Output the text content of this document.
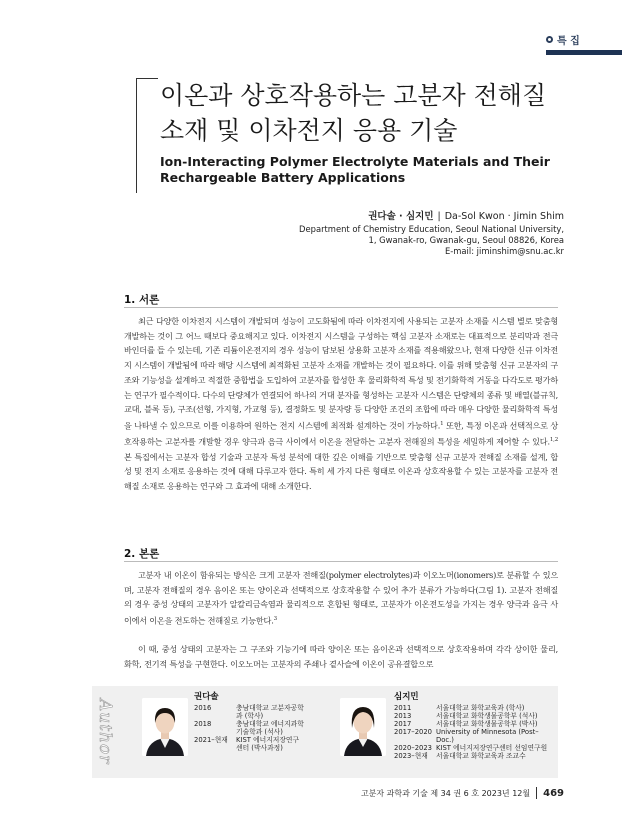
특 집
이온과 상호작용하는 고분자 전해질
소재 및 이차전지 응용 기술
Ion-Interacting Polymer Electrolyte Materials and Their
Rechargeable Battery Applications
권다솔 · 심지민 | Da-Sol Kwon · Jimin Shim
Department of Chemistry Education, Seoul National University,
1, Gwanak-ro, Gwanak-gu, Seoul 08826, Korea
E-mail: jiminshim@snu.ac.kr
1. 서론

최근 다양한 이차전지 시스템이 개발되며 성능이 고도화됨에 따라 이차전지에 사용되는 고분자 소재를 시스템 별로 맞춤형 개발하는 것이 그 어느 때보다 중요해지고 있다. 이차전지 시스템을 구성하는 핵심 고분자 소재로는 대표적으로 분리막과 전극 바인더를 들 수 있는데, 기존 리튬이온전지의 경우 성능이 담보된 상용화 고분자 소재를 적용해왔으나, 현재 다양한 신규 이차전지 시스템이 개발됨에 따라 해당 시스템에 최적화된 고분자 소재를 개발하는 것이 필요하다. 이를 위해 맞춤형 신규 고분자의 구조와 기능성을 설계하고 적절한 중합법을 도입하여 고분자를 합성한 후 물리화학적 특성 및 전기화학적 거동을 다각도로 평가하는 연구가 필수적이다. 다수의 단량체가 연결되어 하나의 거대 분자를 형성하는 고분자 시스템은 단량체의 종류 및 배열(블규칙, 교대, 블록 등), 구조(선형, 가지형, 가교형 등), 결정화도 및 분자량 등 다양한 조건의 조합에 따라 매우 다양한 물리화학적 특성을 나타낼 수 있으므로 이를 이용하여 원하는 전지 시스템에 최적화 설계하는 것이 가능하다.$^1$ 또한, 특정 이온과 선택적으로 상호작용하는 고분자를 개발할 경우 양극과 음극 사이에서 이온을 전달하는 고분자 전해질의 특성을 세밀하게 제어할 수 있다.$^{1,2}$ 본 특집에서는 고분자 합성 기술과 고분자 특성 분석에 대한 깊은 이해를 기반으로 맞춤형 신규 고분자 전해질 소재를 설계, 합성 및 전지 소재로 응용하는 것에 대해 다루고자 한다. 특히 세 가지 다른 형태로 이온과 상호작용할 수 있는 고분자를 고분자 전해질 소재로 응용하는 연구와 그 효과에 대해 소개한다.

2. 본론

고분자 내 이온이 함유되는 방식은 크게 고분자 전해질(polymer electrolytes)과 이오노머(ionomers)로 분류할 수 있으며, 고분자 전해질의 경우 음이온 또는 양이온과 선택적으로 상호작용할 수 있어 추가 분류가 가능하다(그림 1). 고분자 전해질의 경우 중성 상태의 고분자가 알칼리금속염과 물리적으로 혼합된 형태로, 고분자가 이온전도성을 가지는 경우 양극과 음극 사이에서 이온을 전도하는 전해질로 기능한다.$^3$

이 때, 중성 상태의 고분자는 그 구조와 기능기에 따라 양이온 또는 음이온과 선택적으로 상호작용하며 각각 상이한 물리, 화학, 전기적 특성을 구현한다. 이오노머는 고분자의 주쇄나 곁사슬에 이온이 공유결합으로

Author
권다솔
2016	충남대학교 고분자공학과 (학사)
2018	충남대학교 에너지과학기술학과 (석사)
2021–현재	KIST 에너지저장연구센터 (박사과정)
심지민
2011	서울대학교 화학교육과 (학사)
2013	서울대학교 화학생물공학부 (석사)
2017	서울대학교 화학생물공학부 (박사)
2017–2020 University of Minnesota (Post–Doc.)
2020–2023 KIST 에너지저장연구센터 선임연구원
2023–현재	서울대학교 화학교육과 조교수
고분자 과학과 기술 제 34 권 6 호 2023년 12월 469
